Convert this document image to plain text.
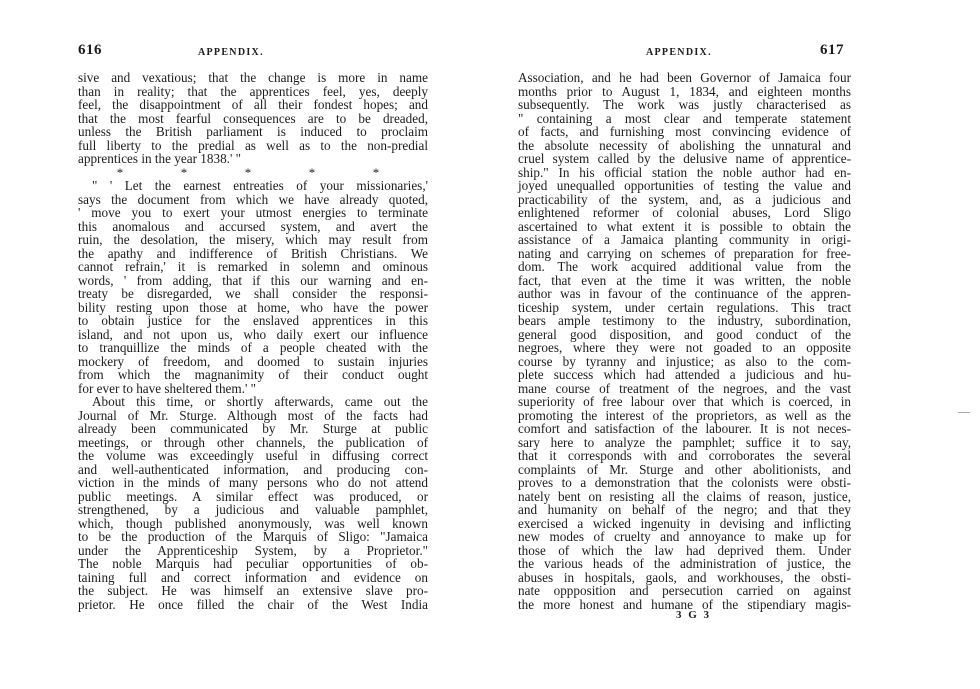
616	APPENDIX.
sive and vexatious; that the change is more in name
than in reality; that the apprentices feel, yes, deeply
feel, the disappointment of all their fondest hopes; and
that the most fearful consequences are to be dreaded,
unless the British parliament is induced to proclaim
full liberty to the predial as well as to the non-predial
apprentices in the year 1838.' "
*	*	*	*	*
" ' Let the earnest entreaties of your missionaries,'
says the document from which we have already quoted,
' move you to exert your utmost energies to terminate
this anomalous and accursed system, and avert the
ruin, the desolation, the misery, which may result from
the apathy and indifference of British Christians. We
cannot refrain,' it is remarked in solemn and ominous
words, ' from adding, that if this our warning and en-
treaty be disregarded, we shall consider the responsi-
bility resting upon those at home, who have the power
to obtain justice for the enslaved apprentices in this
island, and not upon us, who daily exert our influence
to tranquillize the minds of a people cheated with the
mockery of freedom, and doomed to sustain injuries
from which the magnanimity of their conduct ought
for ever to have sheltered them.' "
About this time, or shortly afterwards, came out the
Journal of Mr. Sturge. Although most of the facts had
already been communicated by Mr. Sturge at public
meetings, or through other channels, the publication of
the volume was exceedingly useful in diffusing correct
and well-authenticated information, and producing con-
viction in the minds of many persons who do not attend
public meetings. A similar effect was produced, or
strengthened, by a judicious and valuable pamphlet,
which, though published anonymously, was well known
to be the production of the Marquis of Sligo: "Jamaica
under the Apprenticeship System, by a Proprietor."
The noble Marquis had peculiar opportunities of ob-
taining full and correct information and evidence on
the subject. He was himself an extensive slave pro-
prietor. He once filled the chair of the West India
APPENDIX.	617
Association, and he had been Governor of Jamaica four
months prior to August 1, 1834, and eighteen months
subsequently. The work was justly characterised as
" containing a most clear and temperate statement
of facts, and furnishing most convincing evidence of
the absolute necessity of abolishing the unnatural and
cruel system called by the delusive name of apprentice-
ship." In his official station the noble author had en-
joyed unequalled opportunities of testing the value and
practicability of the system, and, as a judicious and
enlightened reformer of colonial abuses, Lord Sligo
ascertained to what extent it is possible to obtain the
assistance of a Jamaica planting community in origi-
nating and carrying on schemes of preparation for free-
dom. The work acquired additional value from the
fact, that even at the time it was written, the noble
author was in favour of the continuance of the appren-
ticeship system, under certain regulations. This tract
bears ample testimony to the industry, subordination,
general good disposition, and good conduct of the
negroes, where they were not goaded to an opposite
course by tyranny and injustice; as also to the com-
plete success which had attended a judicious and hu-
mane course of treatment of the negroes, and the vast
superiority of free labour over that which is coerced, in
promoting the interest of the proprietors, as well as the
comfort and satisfaction of the labourer. It is not neces-
sary here to analyze the pamphlet; suffice it to say,
that it corresponds with and corroborates the several
complaints of Mr. Sturge and other abolitionists, and
proves to a demonstration that the colonists were obsti-
nately bent on resisting all the claims of reason, justice,
and humanity on behalf of the negro; and that they
exercised a wicked ingenuity in devising and inflicting
new modes of cruelty and annoyance to make up for
those of which the law had deprived them. Under
the various heads of the administration of justice, the
abuses in hospitals, gaols, and workhouses, the obsti-
nate oppposition and persecution carried on against
the more honest and humane of the stipendiary magis-
3 G 3
